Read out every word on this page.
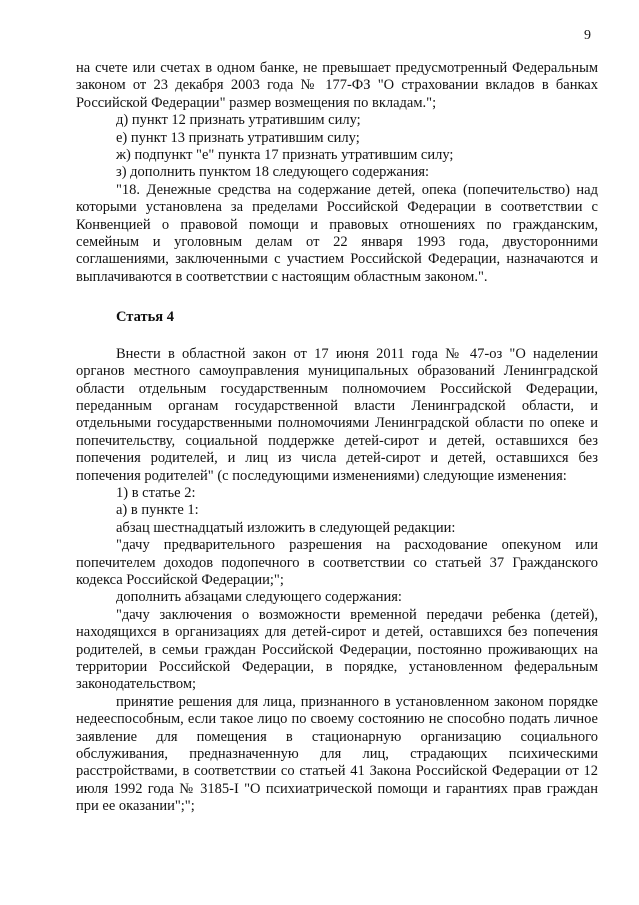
9

на счете или счетах в одном банке, не превышает предусмотренный Федеральным законом от 23 декабря 2003 года № 177-ФЗ "О страховании вкладов в банках Российской Федерации" размер возмещения по вкладам.";

д) пункт 12 признать утратившим силу;

е) пункт 13 признать утратившим силу;

ж) подпункт "е" пункта 17 признать утратившим силу;

з) дополнить пунктом 18 следующего содержания:

"18. Денежные средства на содержание детей, опека (попечительство) над которыми установлена за пределами Российской Федерации в соответствии с Конвенцией о правовой помощи и правовых отношениях по гражданским, семейным и уголовным делам от 22 января 1993 года, двусторонними соглашениями, заключенными с участием Российской Федерации, назначаются и выплачиваются в соответствии с настоящим областным законом.".

Статья 4

Внести в областной закон от 17 июня 2011 года № 47-оз "О наделении органов местного самоуправления муниципальных образований Ленинградской области отдельным государственным полномочием Российской Федерации, переданным органам государственной власти Ленинградской области, и отдельными государственными полномочиями Ленинградской области по опеке и попечительству, социальной поддержке детей-сирот и детей, оставшихся без попечения родителей, и лиц из числа детей-сирот и детей, оставшихся без попечения родителей" (с последующими изменениями) следующие изменения:

1) в статье 2:

а) в пункте 1:

абзац шестнадцатый изложить в следующей редакции:

"дачу предварительного разрешения на расходование опекуном или попечителем доходов подопечного в соответствии со статьей 37 Гражданского кодекса Российской Федерации;";

дополнить абзацами следующего содержания:

"дачу заключения о возможности временной передачи ребенка (детей), находящихся в организациях для детей-сирот и детей, оставшихся без попечения родителей, в семьи граждан Российской Федерации, постоянно проживающих на территории Российской Федерации, в порядке, установленном федеральным законодательством;

принятие решения для лица, признанного в установленном законом порядке недееспособным, если такое лицо по своему состоянию не способно подать личное заявление для помещения в стационарную организацию социального обслуживания, предназначенную для лиц, страдающих психическими расстройствами, в соответствии со статьей 41 Закона Российской Федерации от 12 июля 1992 года № 3185-I "О психиатрической помощи и гарантиях прав граждан при ее оказании";";
